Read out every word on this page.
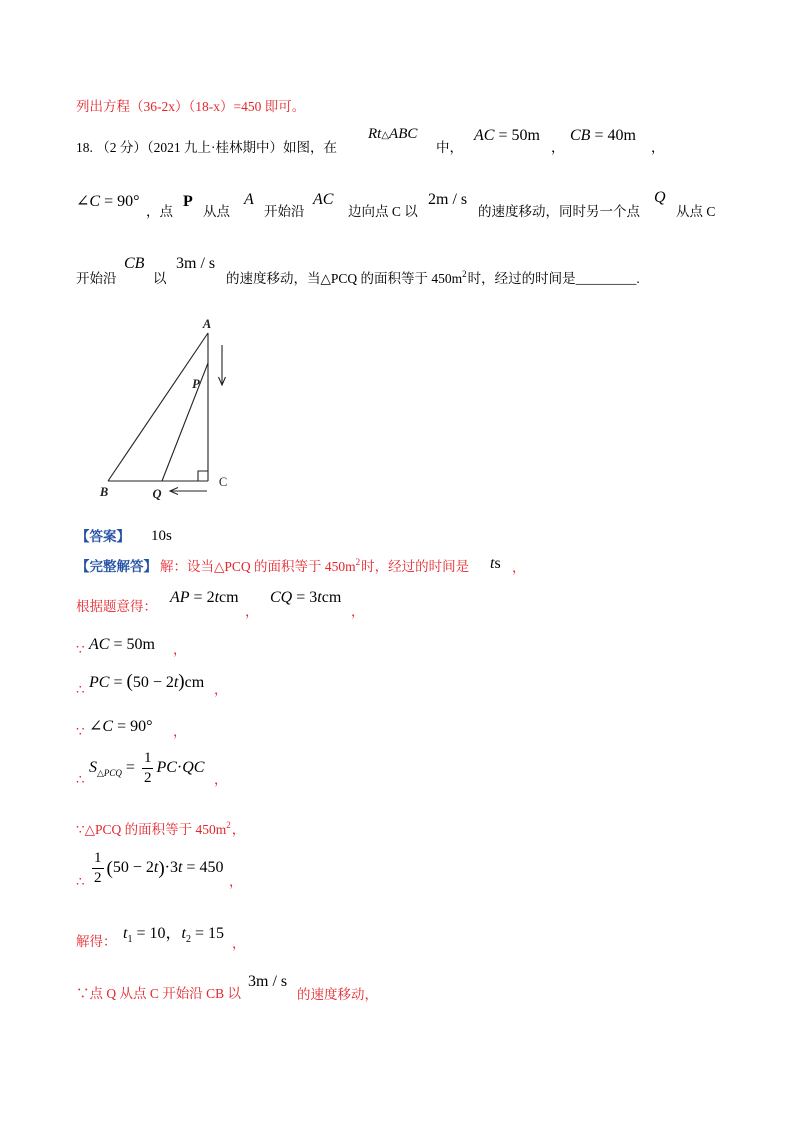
列出方程（36-2x）（18-x）=450 即可。
18. （2 分）（2021 九上·桂林期中）如图，在
Rt △ ABC
中，
AC = 50m
，
CB = 40m
，
∠ C = 90°
，点
P
从点
A
开始沿
AC
边向点 C 以
2m / s
的速度移动，同时另一个点
Q
从点 C
开始沿
CB
以
3m / s
的速度移动，当△PCQ 的面积等于 450m 2 时，经过的时间是 _________ .
A
P
C
B	Q
【答案】 10s
【完整解答】 解：设当△PCQ 的面积等于 450m 2 时，经过的时间是 t s ，
根据题意得：
AP = 2 t cm
，
CQ = 3 t cm
，
∵ AC = 50m ，
∴ PC = ( 50 − 2 t ) cm ，
∵ ∠ C = 90° ，
∴
S △PCQ = $\frac{1}{2}$ PC · QC
，
∵△PCQ 的面积等于 450m 2 ，
∴ $\frac{1}{2}$ ( 50 − 2 t ) ·3 t = 450
，
解得： t 1 = 10， t 2 = 15
，
∵点 Q 从点 C 开始沿 CB 以
3m / s
的速度移动，
